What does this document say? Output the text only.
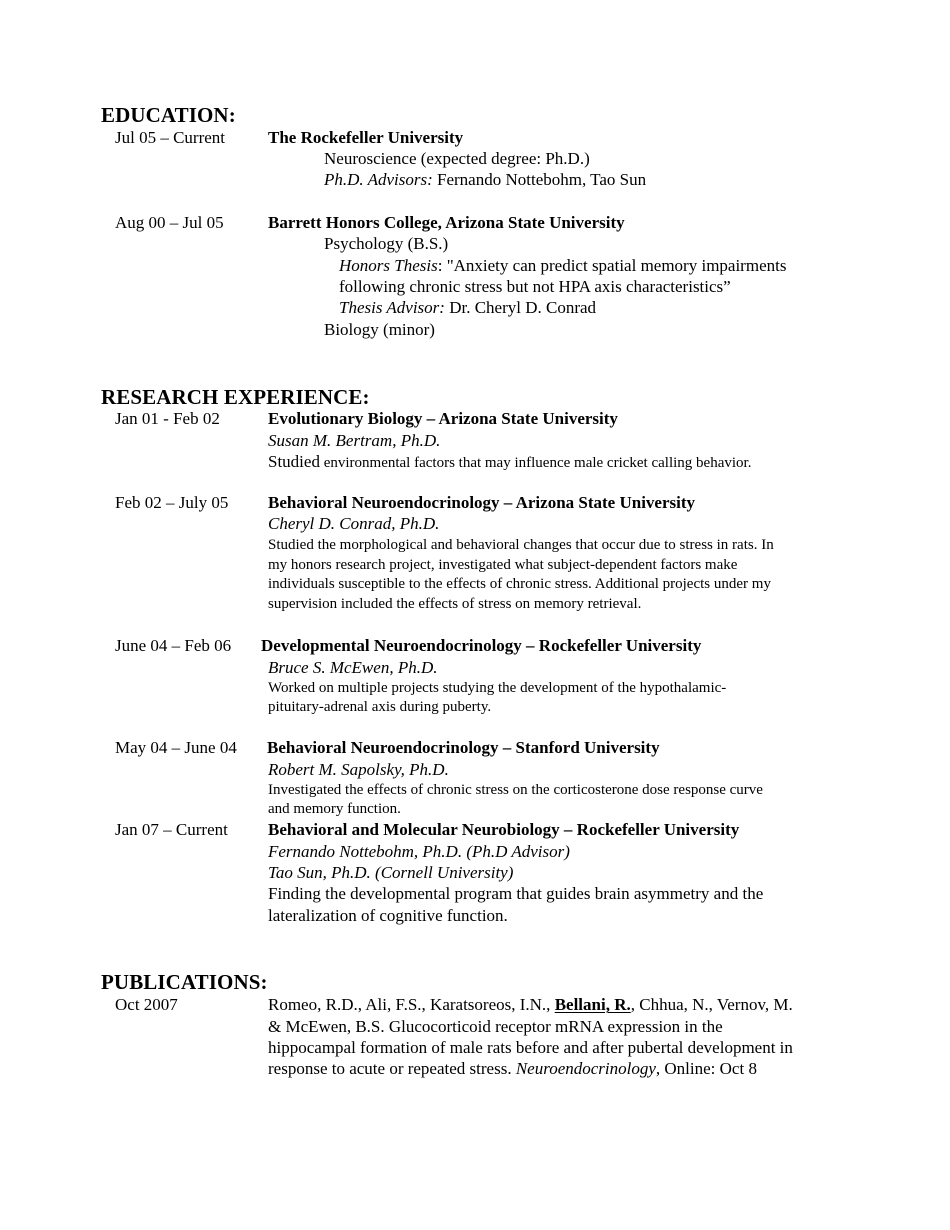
EDUCATION:
Jul 05 – Current	The Rockefeller University
Neuroscience (expected degree: Ph.D.)
Ph.D. Advisors: Fernando Nottebohm, Tao Sun
Aug 00 – Jul 05	Barrett Honors College, Arizona State University
Psychology (B.S.)
Honors Thesis: "Anxiety can predict spatial memory impairments
following chronic stress but not HPA axis characteristics”
Thesis Advisor: Dr. Cheryl D. Conrad
Biology (minor)
RESEARCH EXPERIENCE:
Jan 01 - Feb 02	Evolutionary Biology – Arizona State University
Susan M. Bertram, Ph.D.
Studied environmental factors that may influence male cricket calling behavior.
Feb 02 – July 05 Behavioral Neuroendocrinology – Arizona State University
Cheryl D. Conrad, Ph.D.
Studied the morphological and behavioral changes that occur due to stress in rats. In
my honors research project, investigated what subject-dependent factors make
individuals susceptible to the effects of chronic stress. Additional projects under my
supervision included the effects of stress on memory retrieval.
June 04 – Feb 06 Developmental Neuroendocrinology – Rockefeller University
Bruce S. McEwen, Ph.D.
Worked on multiple projects studying the development of the hypothalamic-
pituitary-adrenal axis during puberty.
May 04 – June 04 Behavioral Neuroendocrinology – Stanford University
Robert M. Sapolsky, Ph.D.
Investigated the effects of chronic stress on the corticosterone dose response curve
and memory function.
Jan 07 – Current Behavioral and Molecular Neurobiology – Rockefeller University
Fernando Nottebohm, Ph.D. (Ph.D Advisor)
Tao Sun, Ph.D. (Cornell University)
Finding the developmental program that guides brain asymmetry and the
lateralization of cognitive function.
PUBLICATIONS:
Oct 2007	Romeo, R.D., Ali, F.S., Karatsoreos, I.N., Bellani, R., Chhua, N., Vernov, M.
& McEwen, B.S. Glucocorticoid receptor mRNA expression in the
hippocampal formation of male rats before and after pubertal development in
response to acute or repeated stress. Neuroendocrinology, Online: Oct 8
